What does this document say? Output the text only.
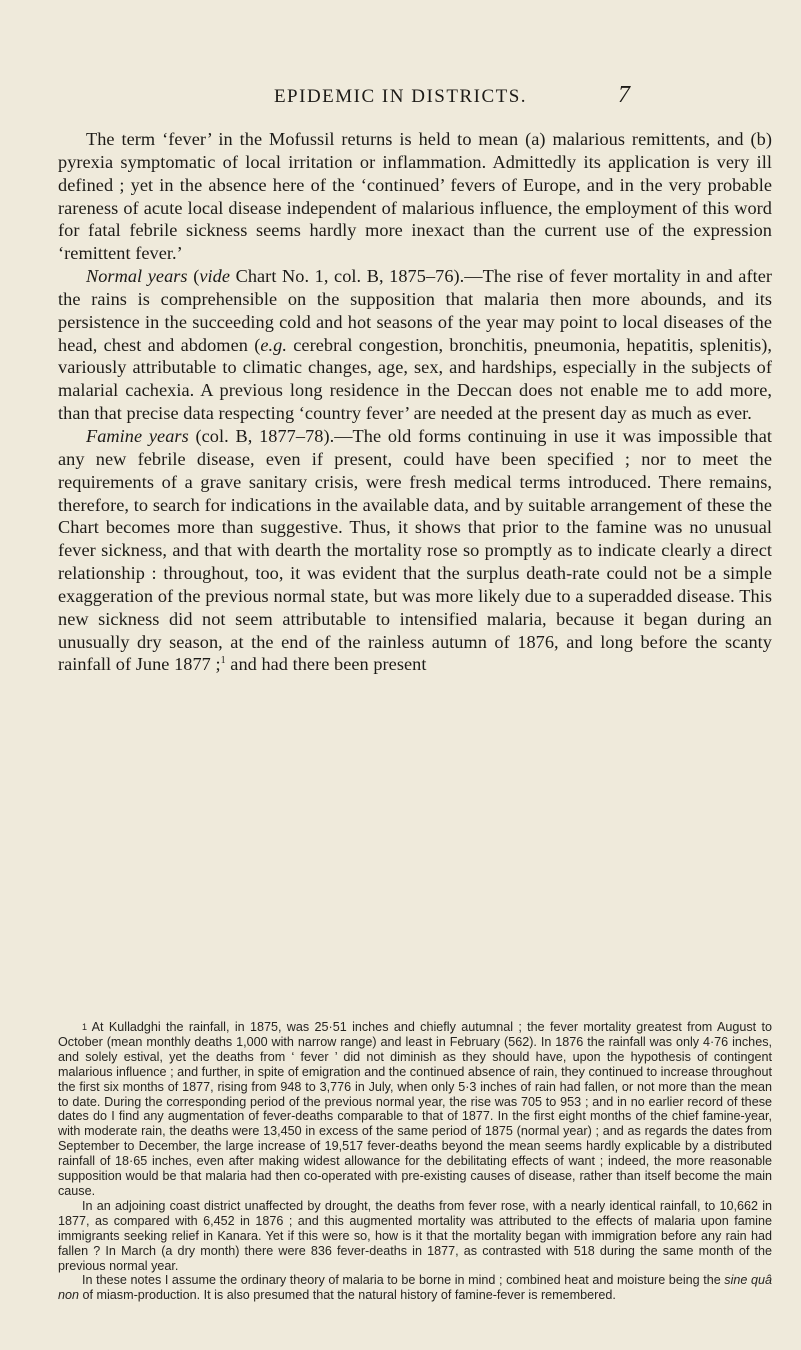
EPIDEMIC IN DISTRICTS.	7

The term ‘fever’ in the Mofussil returns is held to mean (a) malarious remittents, and (b) pyrexia symptomatic of local irritation or inflammation. Admittedly its application is very ill defined ; yet in the absence here of the ‘continued’ fevers of Europe, and in the very probable rareness of acute local disease independent of malarious influence, the employment of this word for fatal febrile sickness seems hardly more inexact than the current use of the expression ‘remittent fever.’

Normal years (vide Chart No. 1, col. B, 1875–76).—The rise of fever mortality in and after the rains is comprehensible on the supposition that malaria then more abounds, and its persistence in the succeeding cold and hot seasons of the year may point to local diseases of the head, chest and abdomen (e.g. cerebral congestion, bronchitis, pneumonia, hepatitis, splenitis), variously attributable to climatic changes, age, sex, and hardships, especially in the subjects of malarial cachexia. A previous long residence in the Deccan does not enable me to add more, than that precise data respecting ‘country fever’ are needed at the present day as much as ever.

Famine years (col. B, 1877–78).—The old forms continuing in use it was impossible that any new febrile disease, even if present, could have been specified ; nor to meet the requirements of a grave sanitary crisis, were fresh medical terms introduced. There remains, therefore, to search for indications in the available data, and by suitable arrangement of these the Chart becomes more than suggestive. Thus, it shows that prior to the famine was no unusual fever sickness, and that with dearth the mortality rose so promptly as to indicate clearly a direct relationship : throughout, too, it was evident that the surplus death-rate could not be a simple exaggeration of the previous normal state, but was more likely due to a superadded disease. This new sickness did not seem attributable to intensified malaria, because it began during an unusually dry season, at the end of the rainless autumn of 1876, and long before the scanty rainfall of June 1877 ;$^1$ and had there been present

$^1$ At Kulladghi the rainfall, in 1875, was 25·51 inches and chiefly autumnal ; the fever mortality greatest from August to October (mean monthly deaths 1,000 with narrow range) and least in February (562). In 1876 the rainfall was only 4·76 inches, and solely estival, yet the deaths from ‘ fever ’ did not diminish as they should have, upon the hypothesis of contingent malarious influence ; and further, in spite of emigration and the continued absence of rain, they continued to increase throughout the first six months of 1877, rising from 948 to 3,776 in July, when only 5·3 inches of rain had fallen, or not more than the mean to date. During the corresponding period of the previous normal year, the rise was 705 to 953 ; and in no earlier record of these dates do I find any augmentation of fever-deaths comparable to that of 1877. In the first eight months of the chief famine-year, with moderate rain, the deaths were 13,450 in excess of the same period of 1875 (normal year) ; and as regards the dates from September to December, the large increase of 19,517 fever-deaths beyond the mean seems hardly explicable by a distributed rainfall of 18·65 inches, even after making widest allowance for the debilitating effects of want ; indeed, the more reasonable supposition would be that malaria had then co-operated with pre-existing causes of disease, rather than itself become the main cause.

In an adjoining coast district unaffected by drought, the deaths from fever rose, with a nearly identical rainfall, to 10,662 in 1877, as compared with 6,452 in 1876 ; and this augmented mortality was attributed to the effects of malaria upon famine immigrants seeking relief in Kanara. Yet if this were so, how is it that the mortality began with immigration before any rain had fallen ? In March (a dry month) there were 836 fever-deaths in 1877, as contrasted with 518 during the same month of the previous normal year.

In these notes I assume the ordinary theory of malaria to be borne in mind ; combined heat and moisture being the sine quâ non of miasm-production. It is also presumed that the natural history of famine-fever is remembered.
